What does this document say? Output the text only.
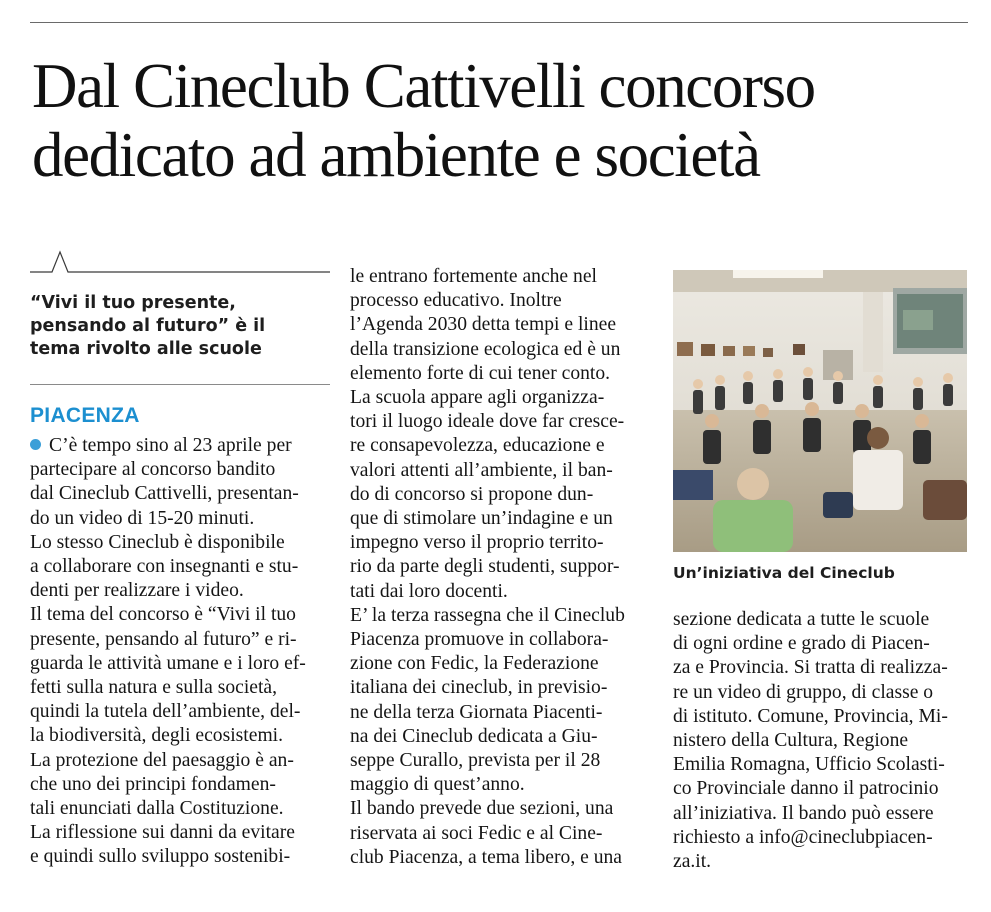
Dal Cineclub Cattivelli concorso
dedicato ad ambiente e società
“Vivi il tuo presente,
pensando al futuro” è il
tema rivolto alle scuole
PIACENZA
C’è tempo sino al 23 aprile per
partecipare al concorso bandito
dal Cineclub Cattivelli, presentan-
do un video di 15-20 minuti.
Lo stesso Cineclub è disponibile
a collaborare con insegnanti e stu-
denti per realizzare i video.
Il tema del concorso è “Vivi il tuo
presente, pensando al futuro” e ri-
guarda le attività umane e i loro ef-
fetti sulla natura e sulla società,
quindi la tutela dell’ambiente, del-
la biodiversità, degli ecosistemi.
La protezione del paesaggio è an-
che uno dei principi fondamen-
tali enunciati dalla Costituzione.
La riflessione sui danni da evitare
e quindi sullo sviluppo sostenibi-
le entrano fortemente anche nel
processo educativo. Inoltre
l’Agenda 2030 detta tempi e linee
della transizione ecologica ed è un
elemento forte di cui tener conto.
La scuola appare agli organizza-
tori il luogo ideale dove far cresce-
re consapevolezza, educazione e
valori attenti all’ambiente, il ban-
do di concorso si propone dun-
que di stimolare un’indagine e un
impegno verso il proprio territo-
rio da parte degli studenti, suppor-
tati dai loro docenti.
E’ la terza rassegna che il Cineclub
Piacenza promuove in collabora-
zione con Fedic, la Federazione
italiana dei cineclub, in previsio-
ne della terza Giornata Piacenti-
na dei Cineclub dedicata a Giu-
seppe Curallo, prevista per il 28
maggio di quest’anno.
Il bando prevede due sezioni, una
riservata ai soci Fedic e al Cine-
club Piacenza, a tema libero, e una
Un’iniziativa del Cineclub
sezione dedicata a tutte le scuole
di ogni ordine e grado di Piacen-
za e Provincia. Si tratta di realizza-
re un video di gruppo, di classe o
di istituto. Comune, Provincia, Mi-
nistero della Cultura, Regione
Emilia Romagna, Ufficio Scolasti-
co Provinciale danno il patrocinio
all’iniziativa. Il bando può essere
richiesto a info@cineclubpiacen-
za.it.
